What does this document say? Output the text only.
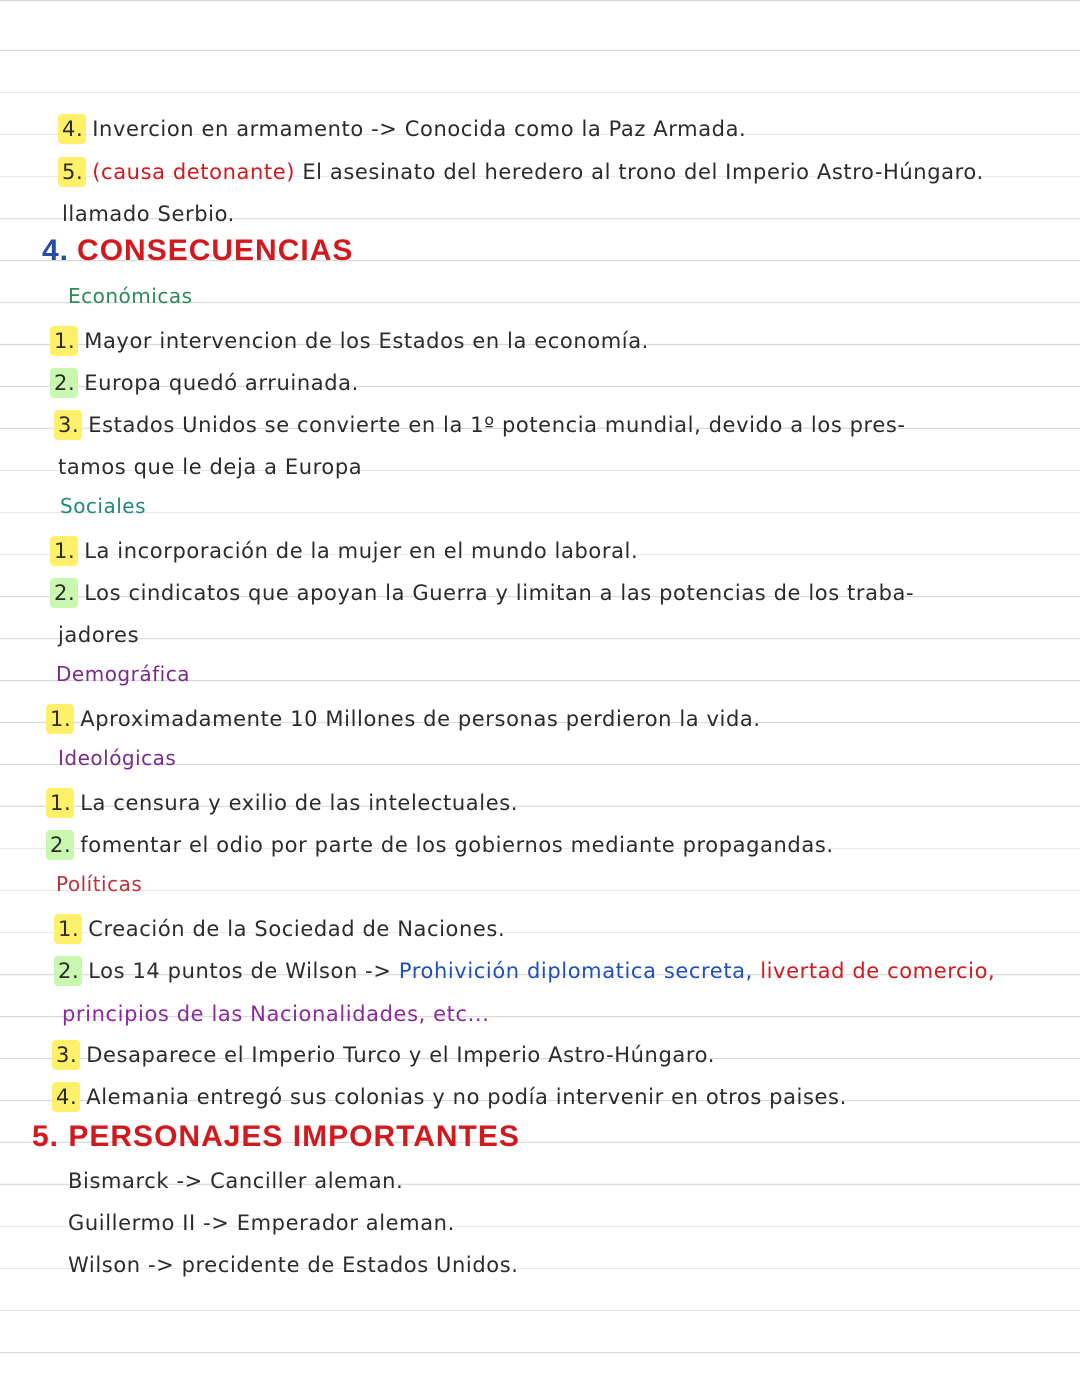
4. Invercion en armamento -> Conocida como la Paz Armada.
5. (causa detonante) El asesinato del heredero al trono del Imperio Astro-Húngaro.
llamado Serbio.
4. CONSECUENCIAS
Económicas
1. Mayor intervencion de los Estados en la economía.
2. Europa quedó arruinada.
3. Estados Unidos se convierte en la 1º potencia mundial, devido a los pres-
tamos que le deja a Europa
Sociales
1. La incorporación de la mujer en el mundo laboral.
2. Los cindicatos que apoyan la Guerra y limitan a las potencias de los traba-
jadores
Demográfica
1. Aproximadamente 10 Millones de personas perdieron la vida.
Ideológicas
1. La censura y exilio de las intelectuales.
2. fomentar el odio por parte de los gobiernos mediante propagandas.
Políticas
1. Creación de la Sociedad de Naciones.
2. Los 14 puntos de Wilson -> Prohivición diplomatica secreta, livertad de comercio,
principios de las Nacionalidades, etc...
3. Desaparece el Imperio Turco y el Imperio Astro-Húngaro.
4. Alemania entregó sus colonias y no podía intervenir en otros paises.
5. PERSONAJES IMPORTANTES
Bismarck -> Canciller aleman.
Guillermo II -> Emperador aleman.
Wilson -> precidente de Estados Unidos.
